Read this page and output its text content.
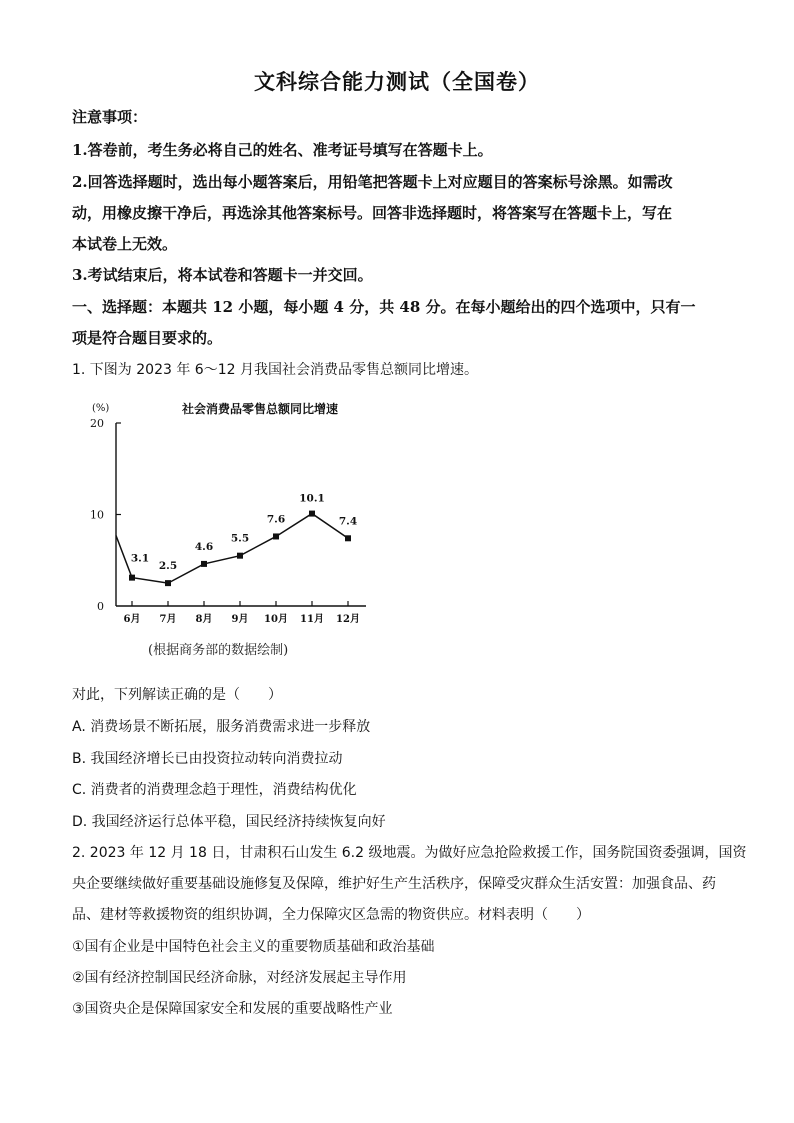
文科综合能力测试（全国卷）
注意事项：
1.答卷前，考生务必将自己的姓名、准考证号填写在答题卡上。
2.回答选择题时，选出每小题答案后，用铅笔把答题卡上对应题目的答案标号涂黑。如需改
动，用橡皮擦干净后，再选涂其他答案标号。回答非选择题时，将答案写在答题卡上，写在
本试卷上无效。
3.考试结束后，将本试卷和答题卡一并交回。
一、选择题：本题共 12 小题，每小题 4 分，共 48 分。在每小题给出的四个选项中，只有一
项是符合题目要求的。
1. 下图为 2023 年 6～12 月我国社会消费品零售总额同比增速。
(%)	社会消费品零售总额同比增速
0
10
20
6月 7月 8月 9月 10月 11月 12月
3.1
2.5
4.6
5.5
7.6
10.1
7.4
(根据商务部的数据绘制)
对此，下列解读正确的是（　　）
A. 消费场景不断拓展，服务消费需求进一步释放
B. 我国经济增长已由投资拉动转向消费拉动
C. 消费者的消费理念趋于理性，消费结构优化
D. 我国经济运行总体平稳，国民经济持续恢复向好
2. 2023 年 12 月 18 日，甘肃积石山发生 6.2 级地震。为做好应急抢险救援工作，国务院国资委强调，国资
央企要继续做好重要基础设施修复及保障，维护好生产生活秩序，保障受灾群众生活安置：加强食品、药
品、建材等救援物资的组织协调，全力保障灾区急需的物资供应。材料表明（　　）
①国有企业是中国特色社会主义的重要物质基础和政治基础
②国有经济控制国民经济命脉，对经济发展起主导作用
③国资央企是保障国家安全和发展的重要战略性产业
